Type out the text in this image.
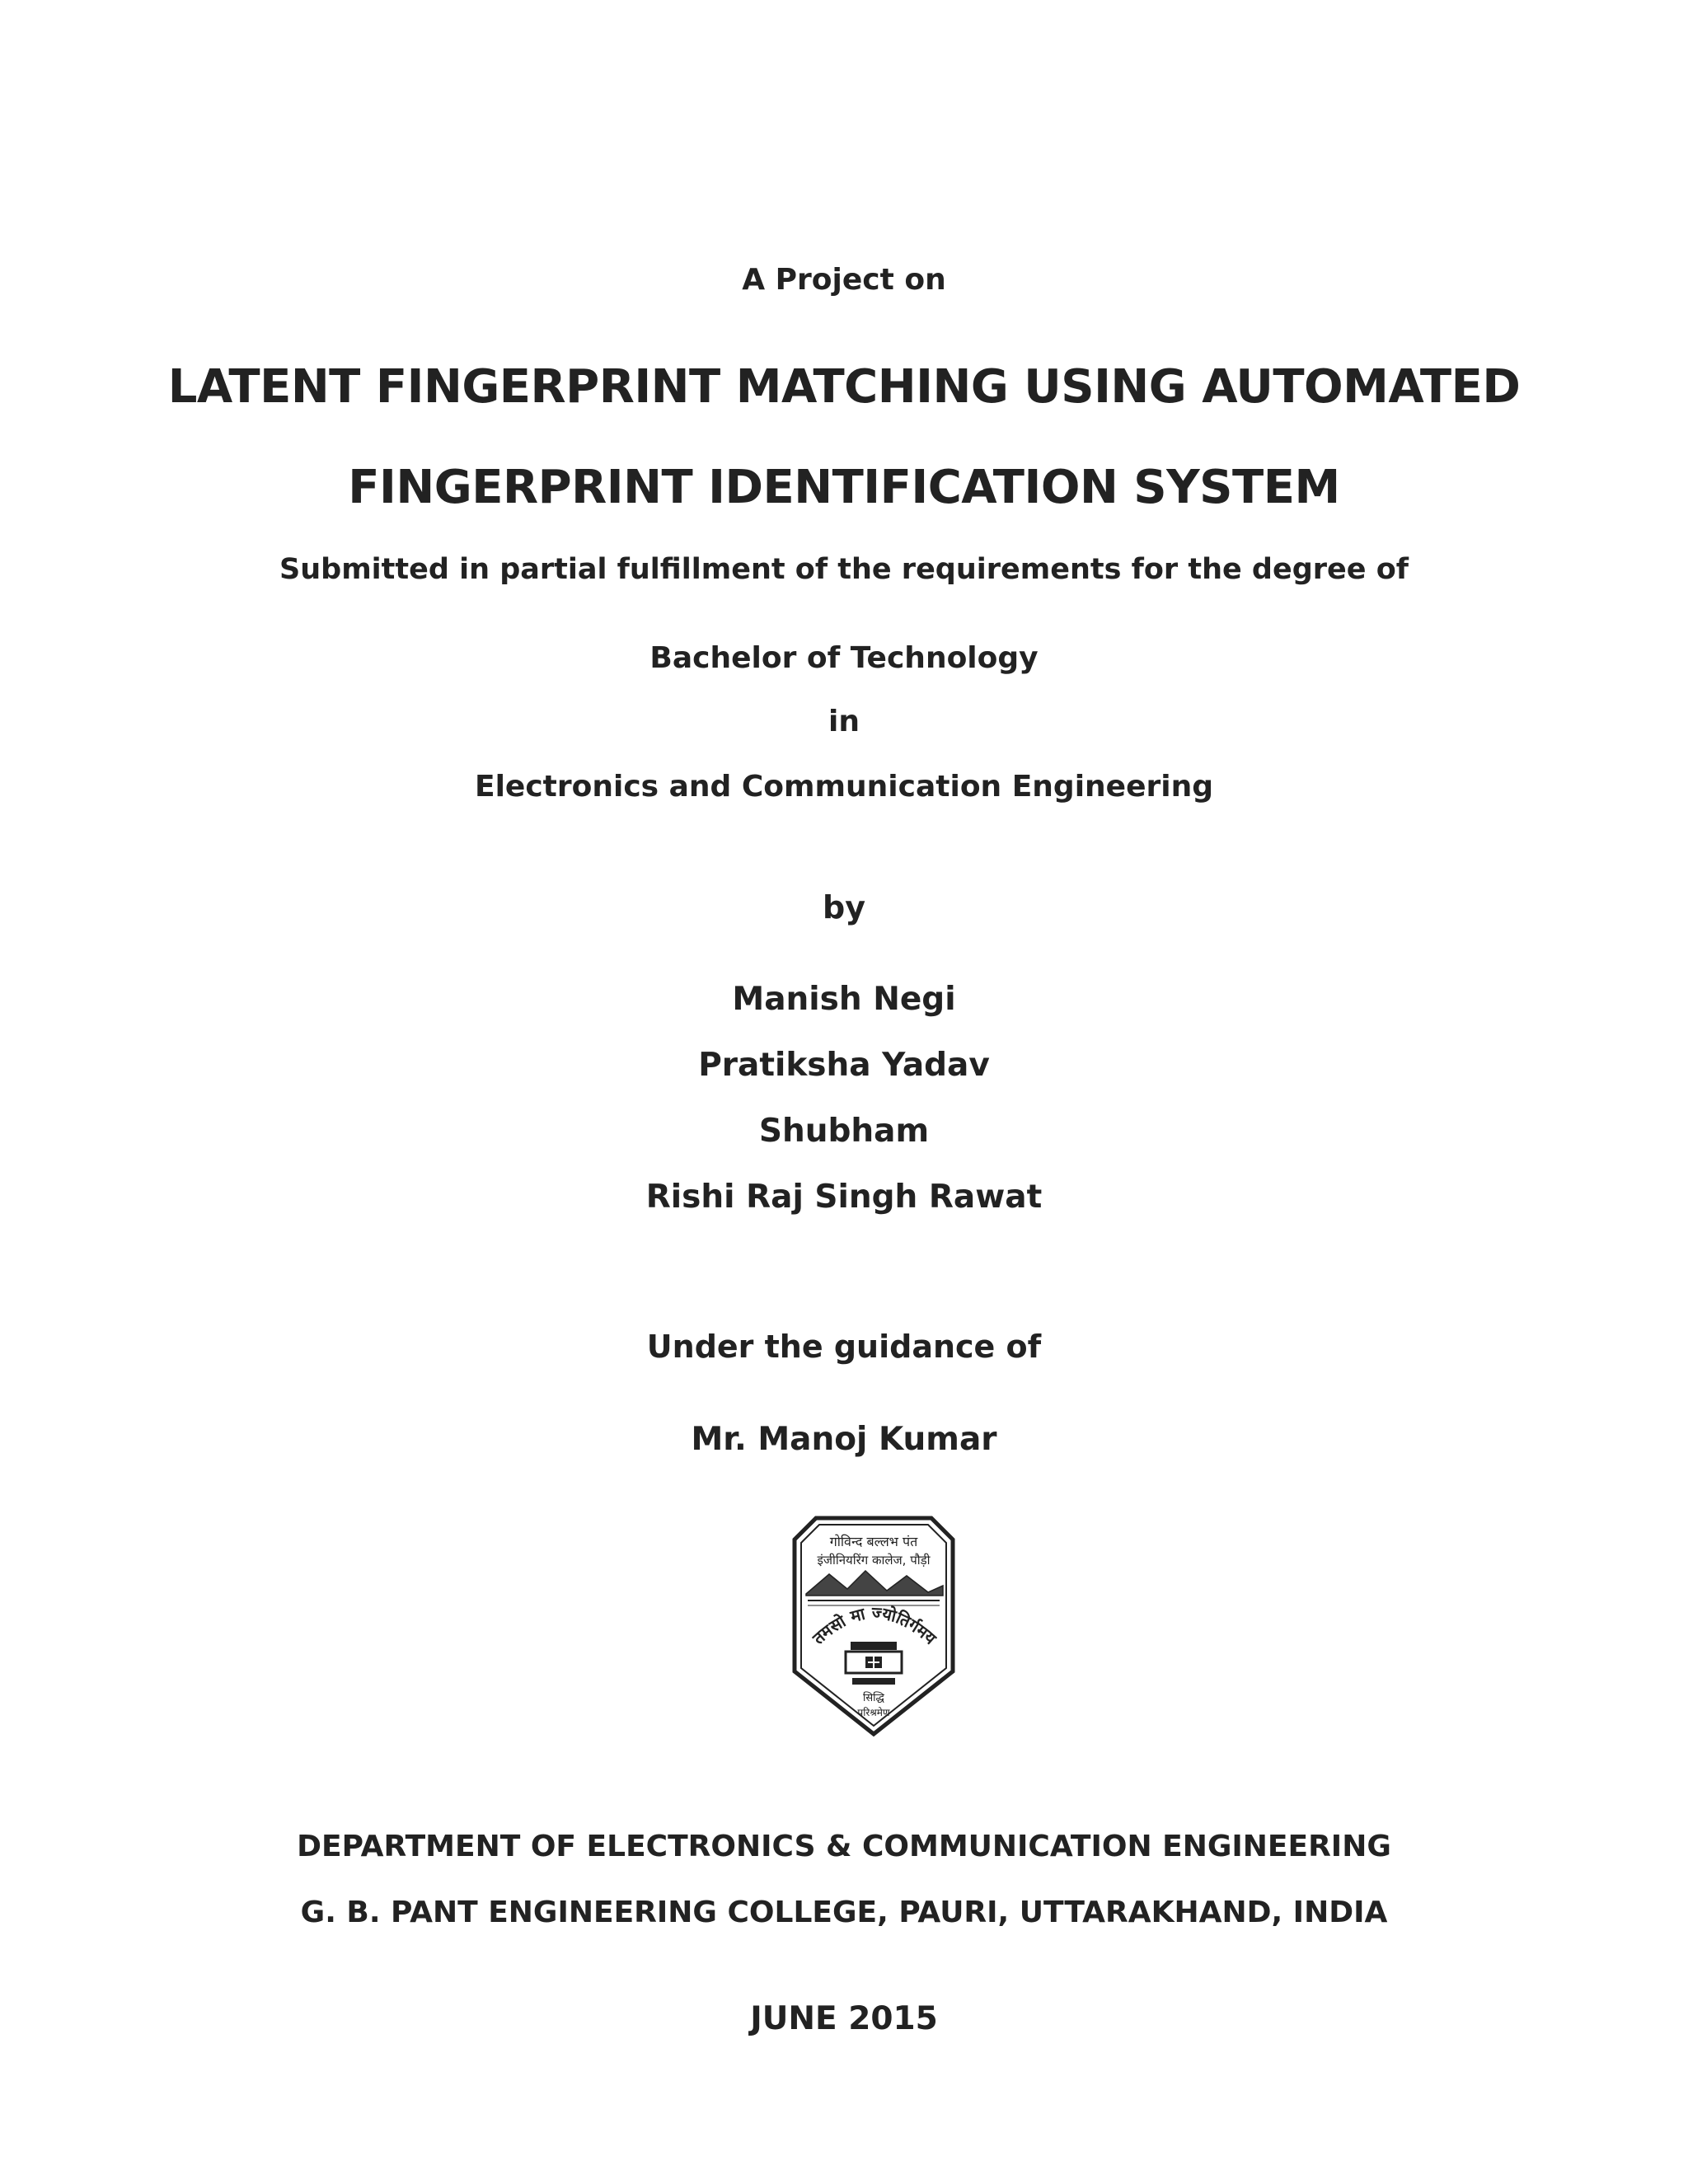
A Project on
LATENT FINGERPRINT MATCHING USING AUTOMATED
FINGERPRINT IDENTIFICATION SYSTEM
Submitted in partial fulfillment of the requirements for the degree of
Bachelor of Technology
in
Electronics and Communication Engineering
by
Manish Negi
Pratiksha Yadav
Shubham
Rishi Raj Singh Rawat
Under the guidance of
Mr. Manoj Kumar
गोविन्द बल्लभ पंत
इंजीनियरिंग कालेज, पौड़ी
तमसो मा ज्योतिर्गमय
सिद्धि
परिश्रमेण
DEPARTMENT OF ELECTRONICS & COMMUNICATION ENGINEERING
G. B. PANT ENGINEERING COLLEGE, PAURI, UTTARAKHAND, INDIA
JUNE 2015
